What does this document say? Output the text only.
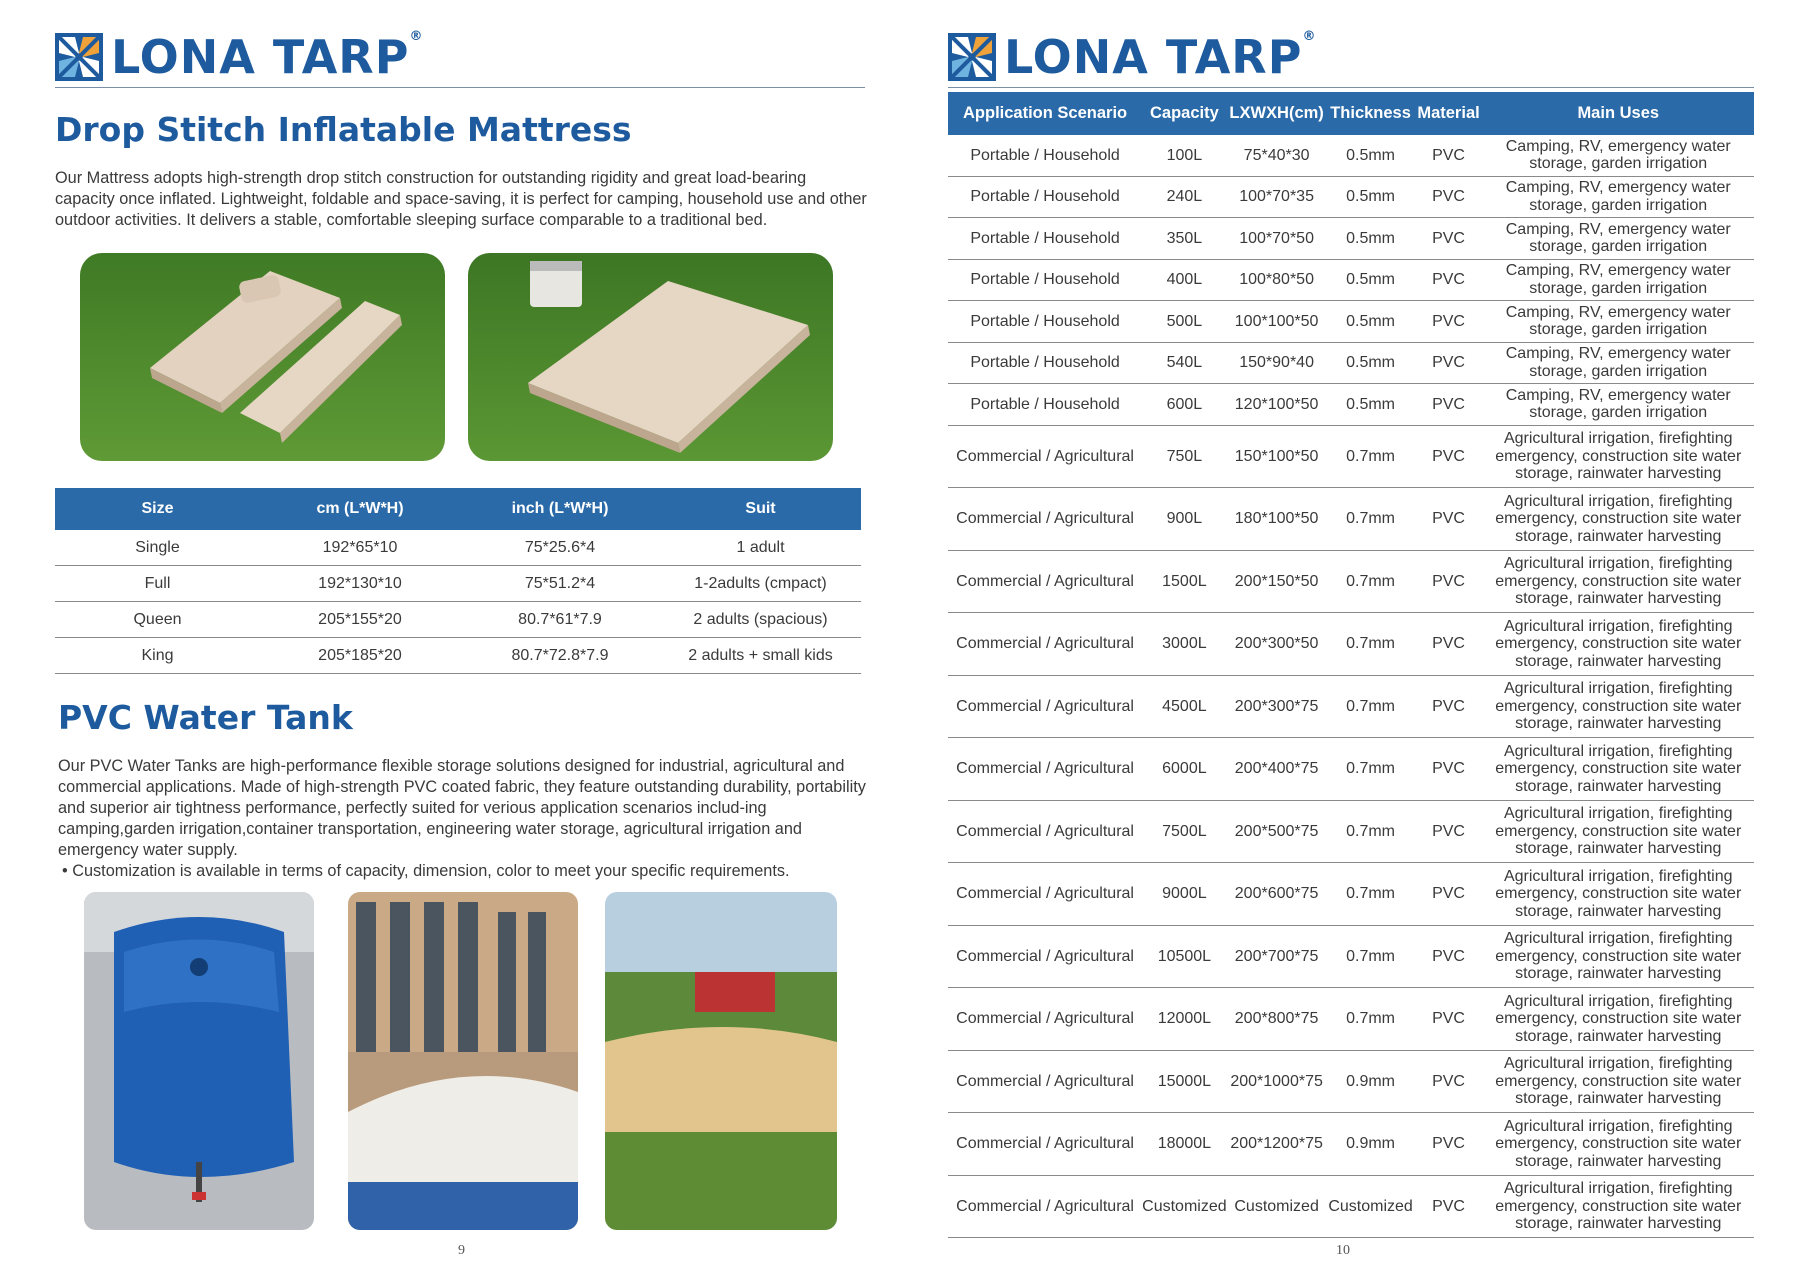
LONA TARP®
Drop Stitch Inflatable Mattress

Our Mattress adopts high-strength drop stitch construction for outstanding rigidity and great load-bearing capacity once inflated. Lightweight, foldable and space-saving, it is perfect for camping, household use and other outdoor activities. It delivers a stable, comfortable sleeping surface comparable to a traditional bed.

Size	cm (L*W*H)	inch (L*W*H)	Suit
Single	192*65*10	75*25.6*4	1 adult
Full	192*130*10	75*51.2*4	1-2adults (cmpact)
Queen	205*155*20	80.7*61*7.9	2 adults (spacious)
King	205*185*20	80.7*72.8*7.9	2 adults + small kids
PVC Water Tank

Our PVC Water Tanks are high-performance flexible storage solutions designed for industrial, agricultural and commercial applications. Made of high-strength PVC coated fabric, they feature outstanding durability, portability and superior air tightness performance, perfectly suited for verious application scenarios includ-ing camping,garden irrigation,container transportation, engineering water storage, agricultural irrigation and emergency water supply.

• Customization is available in terms of capacity, dimension, color to meet your specific requirements.

9
LONA TARP®
Application Scenario	Capacity	LXWXH(cm)	Thickness	Material	Main Uses
Portable / Household	100L	75*40*30	0.5mm	PVC	Camping, RV, emergency water storage, garden irrigation
Portable / Household	240L	100*70*35	0.5mm	PVC	Camping, RV, emergency water storage, garden irrigation
Portable / Household	350L	100*70*50	0.5mm	PVC	Camping, RV, emergency water storage, garden irrigation
Portable / Household	400L	100*80*50	0.5mm	PVC	Camping, RV, emergency water storage, garden irrigation
Portable / Household	500L	100*100*50	0.5mm	PVC	Camping, RV, emergency water storage, garden irrigation
Portable / Household	540L	150*90*40	0.5mm	PVC	Camping, RV, emergency water storage, garden irrigation
Portable / Household	600L	120*100*50	0.5mm	PVC	Camping, RV, emergency water storage, garden irrigation
Commercial / Agricultural	750L	150*100*50	0.7mm	PVC	Agricultural irrigation, firefighting emergency, construction site water storage, rainwater harvesting
Commercial / Agricultural	900L	180*100*50	0.7mm	PVC	Agricultural irrigation, firefighting emergency, construction site water storage, rainwater harvesting
Commercial / Agricultural	1500L	200*150*50	0.7mm	PVC	Agricultural irrigation, firefighting emergency, construction site water storage, rainwater harvesting
Commercial / Agricultural	3000L	200*300*50	0.7mm	PVC	Agricultural irrigation, firefighting emergency, construction site water storage, rainwater harvesting
Commercial / Agricultural	4500L	200*300*75	0.7mm	PVC	Agricultural irrigation, firefighting emergency, construction site water storage, rainwater harvesting
Commercial / Agricultural	6000L	200*400*75	0.7mm	PVC	Agricultural irrigation, firefighting emergency, construction site water storage, rainwater harvesting
Commercial / Agricultural	7500L	200*500*75	0.7mm	PVC	Agricultural irrigation, firefighting emergency, construction site water storage, rainwater harvesting
Commercial / Agricultural	9000L	200*600*75	0.7mm	PVC	Agricultural irrigation, firefighting emergency, construction site water storage, rainwater harvesting
Commercial / Agricultural	10500L	200*700*75	0.7mm	PVC	Agricultural irrigation, firefighting emergency, construction site water storage, rainwater harvesting
Commercial / Agricultural	12000L	200*800*75	0.7mm	PVC	Agricultural irrigation, firefighting emergency, construction site water storage, rainwater harvesting
Commercial / Agricultural	15000L	200*1000*75	0.9mm	PVC	Agricultural irrigation, firefighting emergency, construction site water storage, rainwater harvesting
Commercial / Agricultural	18000L	200*1200*75	0.9mm	PVC	Agricultural irrigation, firefighting emergency, construction site water storage, rainwater harvesting
Commercial / Agricultural	Customized	Customized	Customized	PVC	Agricultural irrigation, firefighting emergency, construction site water storage, rainwater harvesting
10
